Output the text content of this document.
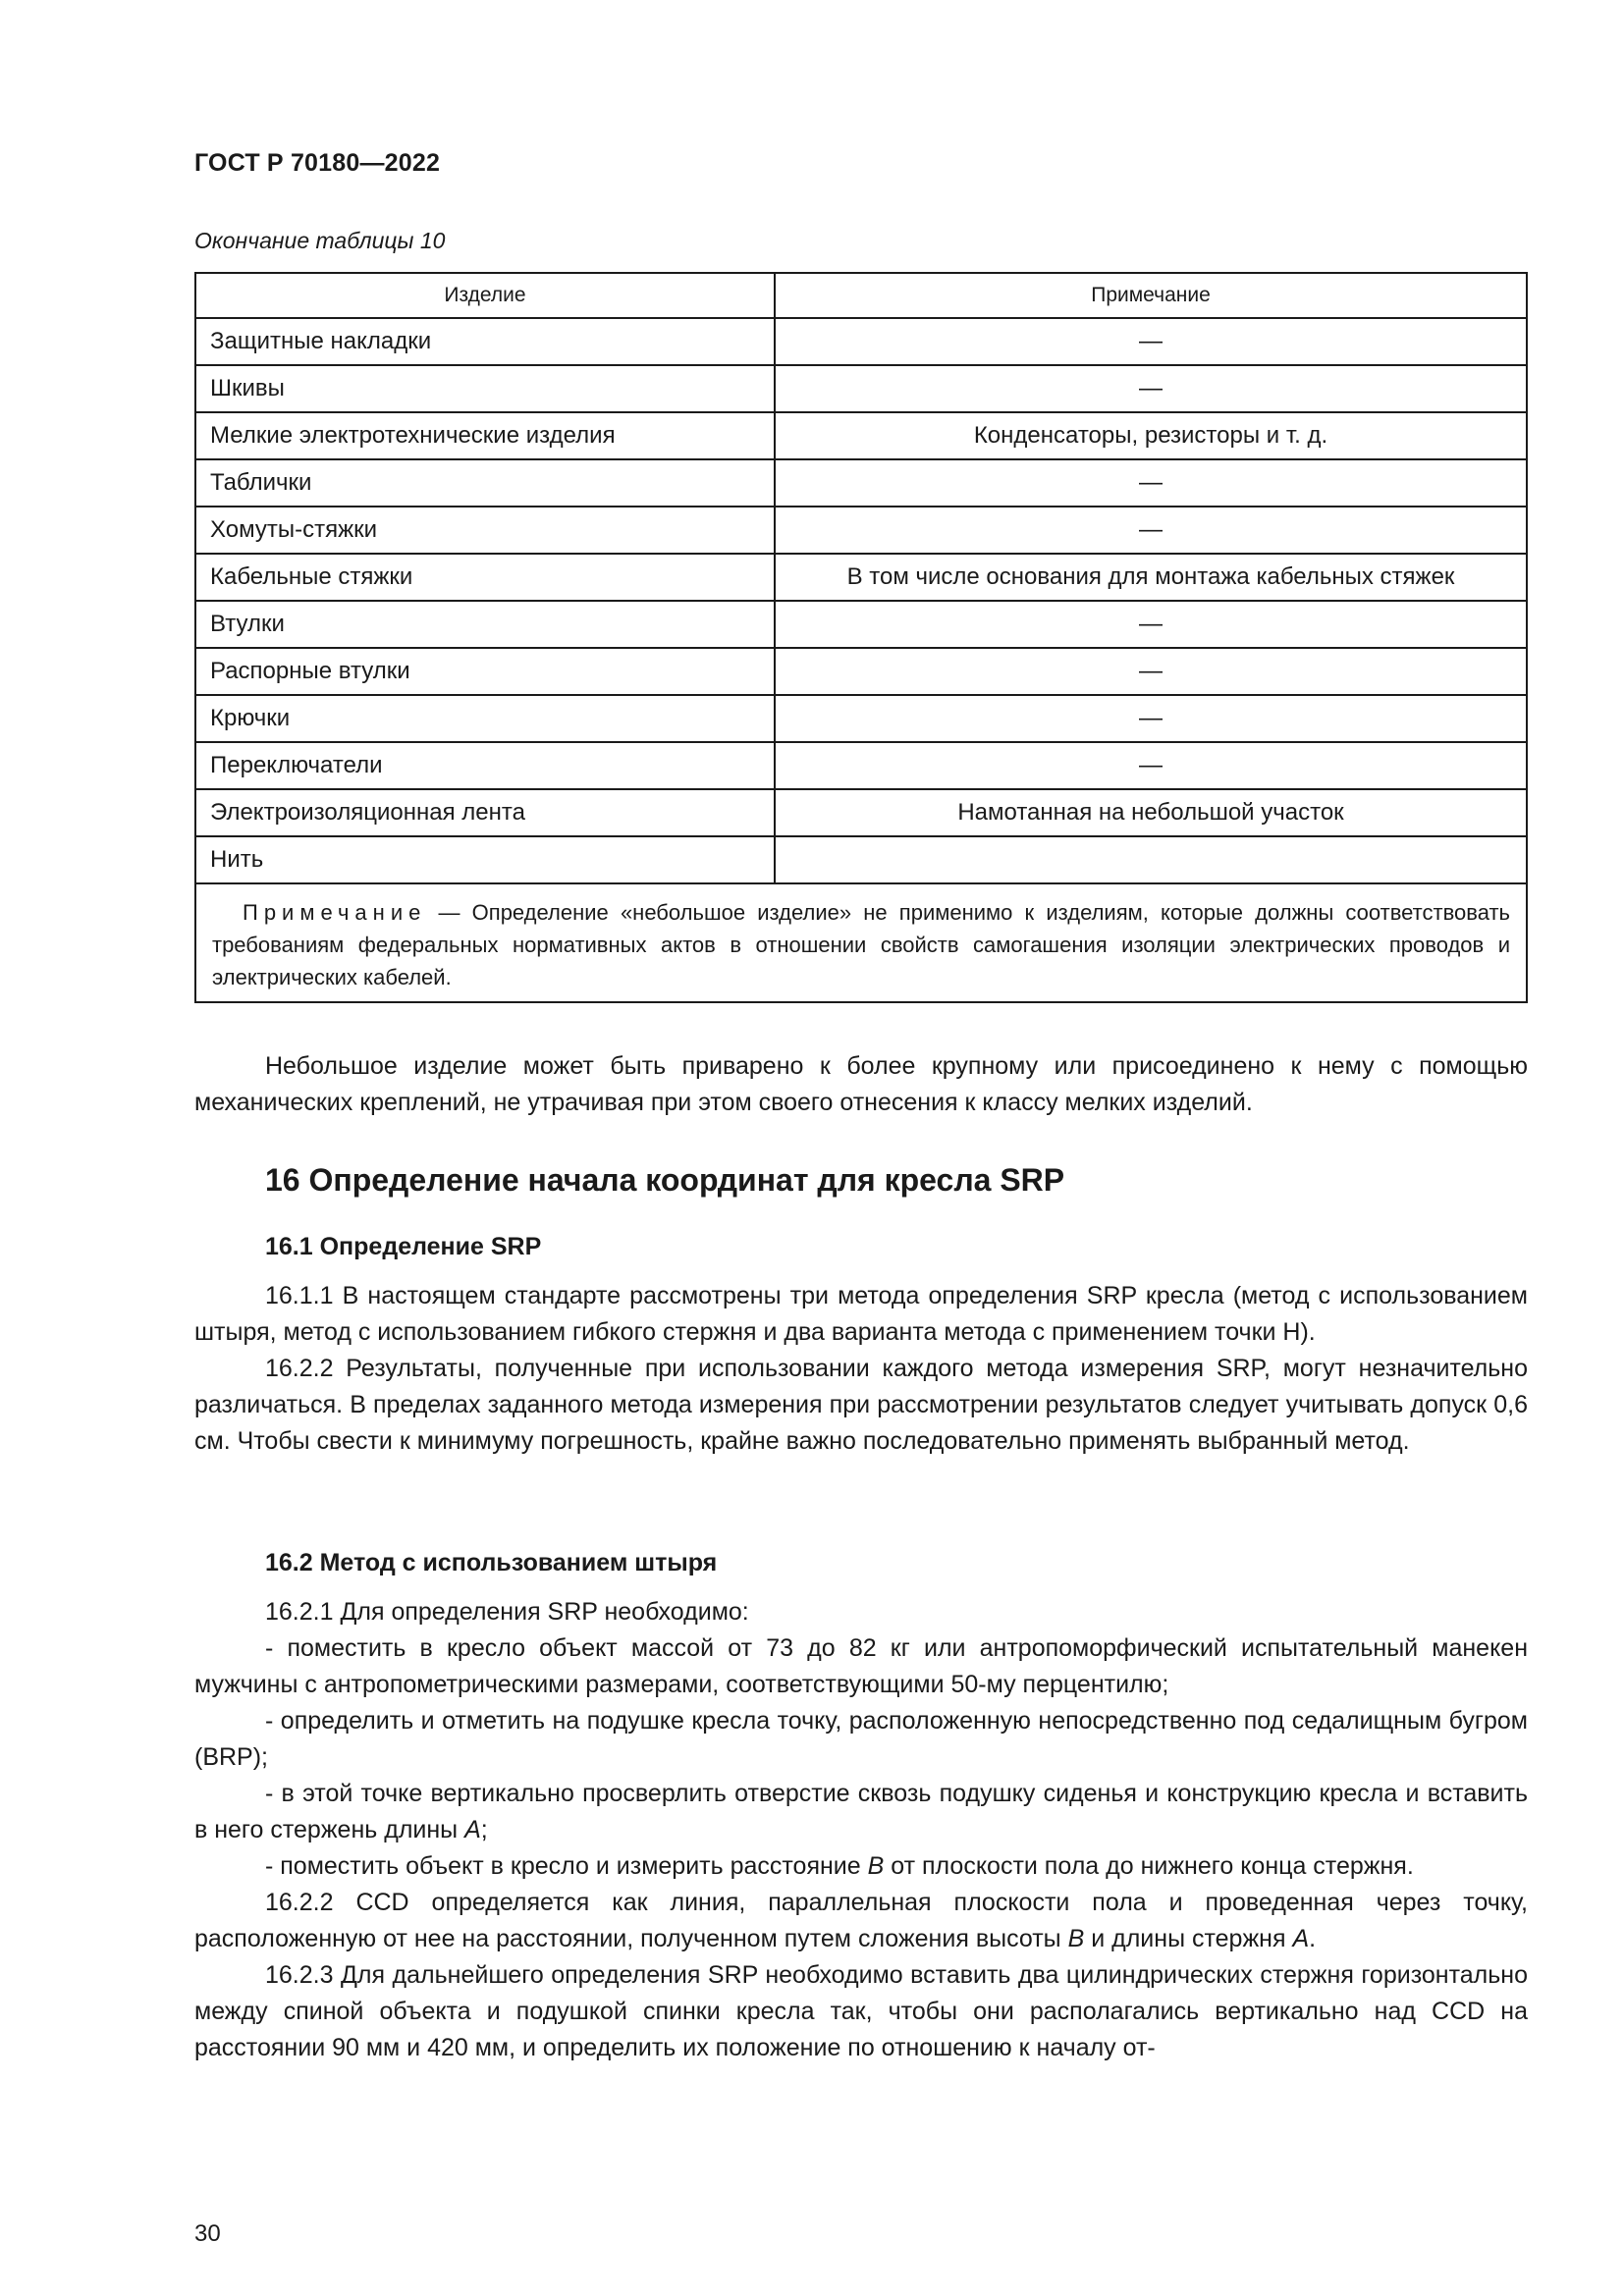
ГОСТ Р 70180—2022
Окончание таблицы 10
Изделие	Примечание
Защитные накладки	—
Шкивы	—
Мелкие электротехнические изделия	Конденсаторы, резисторы и т. д.
Таблички	—
Хомуты-стяжки	—
Кабельные стяжки	В том числе основания для монтажа кабельных стяжек
Втулки	—
Распорные втулки	—
Крючки	—
Переключатели	—
Электроизоляционная лента	Намотанная на небольшой участок
Нить	
Примечание — Определение «небольшое изделие» не применимо к изделиям, которые должны соответствовать требованиям федеральных нормативных актов в отношении свойств самогашения изоляции электрических проводов и электрических кабелей.	
Небольшое изделие может быть приварено к более крупному или присоединено к нему с помощью механических креплений, не утрачивая при этом своего отнесения к классу мелких изделий.
16 Определение начала координат для кресла SRP
16.1 Определение SRP

16.1.1 В настоящем стандарте рассмотрены три метода определения SRP кресла (метод с использованием штыря, метод с использованием гибкого стержня и два варианта метода с применением точки Н).

16.2.2 Результаты, полученные при использовании каждого метода измерения SRP, могут незначительно различаться. В пределах заданного метода измерения при рассмотрении результатов следует учитывать допуск 0,6 см. Чтобы свести к минимуму погрешность, крайне важно последовательно применять выбранный метод.

16.2 Метод с использованием штыря

16.2.1 Для определения SRP необходимо:

- поместить в кресло объект массой от 73 до 82 кг или антропоморфический испытательный манекен мужчины с антропометрическими размерами, соответствующими 50-му перцентилю;

- определить и отметить на подушке кресла точку, расположенную непосредственно под седалищным бугром (BRP);

- в этой точке вертикально просверлить отверстие сквозь подушку сиденья и конструкцию кресла и вставить в него стержень длины A;

- поместить объект в кресло и измерить расстояние B от плоскости пола до нижнего конца стержня.

16.2.2 CCD определяется как линия, параллельная плоскости пола и проведенная через точку, расположенную от нее на расстоянии, полученном путем сложения высоты B и длины стержня A.

16.2.3 Для дальнейшего определения SRP необходимо вставить два цилиндрических стержня горизонтально между спиной объекта и подушкой спинки кресла так, чтобы они располагались вертикально над CCD на расстоянии 90 мм и 420 мм, и определить их положение по отношению к началу от-

30
